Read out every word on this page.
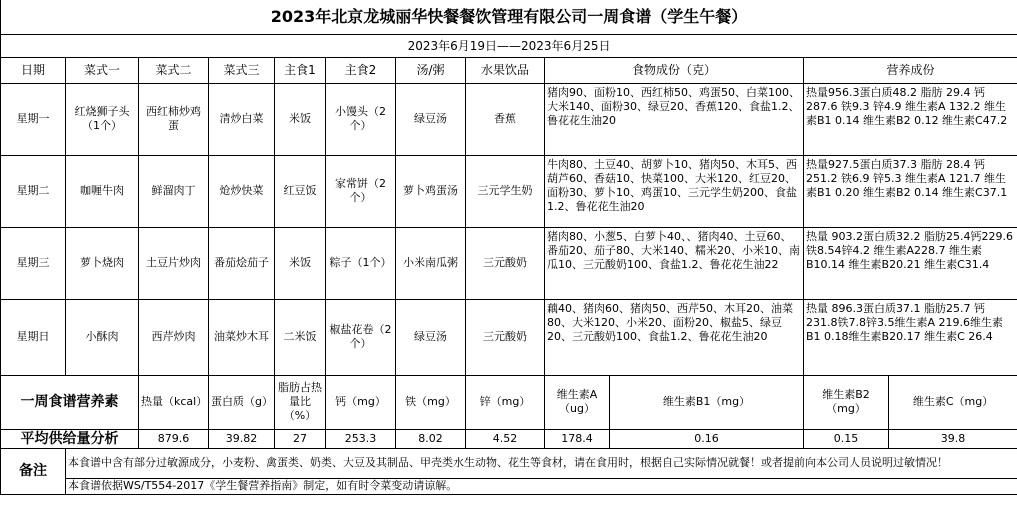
2023年北京龙城丽华快餐餐饮管理有限公司一周食谱（学生午餐）											
2023年6月19日——2023年6月25日											
日期	菜式一	菜式二	菜式三	主食1	主食2	汤/粥	水果饮品	食物成份（克）		营养成份	
星期一	红烧狮子头（1个）	西红柿炒鸡蛋	清炒白菜	米饭	小馒头（2个）	绿豆汤	香蕉	猪肉90、面粉10、西红柿50、鸡蛋50、白菜100、大米140、面粉30、绿豆20、香蕉120、食盐1.2、鲁花花生油20		热量956.3蛋白质48.2 脂肪 29.4 钙287.6 铁9.3 锌4.9 维生素A 132.2 维生素B1 0.14 维生素B2 0.12 维生素C47.2	
星期二	咖喱牛肉	鲜溜肉丁	炝炒快菜	红豆饭	家常饼（2个）	萝卜鸡蛋汤	三元学生奶	牛肉80、土豆40、胡萝卜10、猪肉50、木耳5、西葫芦60、香菇10、快菜100、大米120、红豆20、面粉30、萝卜10、鸡蛋10、三元学生奶200、食盐1.2、鲁花花生油20		热量927.5蛋白质37.3 脂肪 28.4 钙251.2 铁6.9 锌5.3 维生素A 121.7 维生素B1 0.20 维生素B2 0.14 维生素C37.1	
星期三	萝卜烧肉	土豆片炒肉	番茄烩茄子	米饭	粽子（1个）	小米南瓜粥	三元酸奶	猪肉80、小葱5、白萝卜40、、猪肉40、土豆60、番茄20、茄子80、大米140、糯米20、小米10、南瓜10、三元酸奶100、食盐1.2、鲁花花生油22		热量 903.2蛋白质32.2 脂肪25.4钙229.6铁8.54锌4.2 维生素A228.7 维生素B10.14 维生素B20.21 维生素C31.4	
星期日	小酥肉	西芹炒肉	油菜炒木耳	二米饭	椒盐花卷（2个）	绿豆汤	三元酸奶	藕40、猪肉60、猪肉50、西芹50、木耳20、油菜80、大米120、小米20、面粉20、椒盐5、绿豆20、三元酸奶100、食盐1.2、鲁花花生油20		热量 896.3蛋白质37.1 脂肪25.7 钙231.8铁7.8锌3.5维生素A 219.6维生素B1 0.18维生素B20.17 维生素C 26.4	
一周食谱营养素		热量（kcal）	蛋白质（g）	脂肪占热量比（%）	钙（mg）	铁（mg）	锌（mg）	维生素A（ug）	维生素B1（mg）	维生素B2（mg）	维生素C（mg）
平均供给量分析		879.6	39.82	27	253.3	8.02	4.52	178.4	0.16	0.15	39.8
备注	本食谱中含有部分过敏源成分，小麦粉、禽蛋类、奶类、大豆及其制品、甲壳类水生动物、花生等食材，请在食用时，根据自己实际情况就餐！或者提前向本公司人员说明过敏情况！										
	本食谱依据WS/T554-2017《学生餐营养指南》制定，如有时令菜变动请谅解。										
